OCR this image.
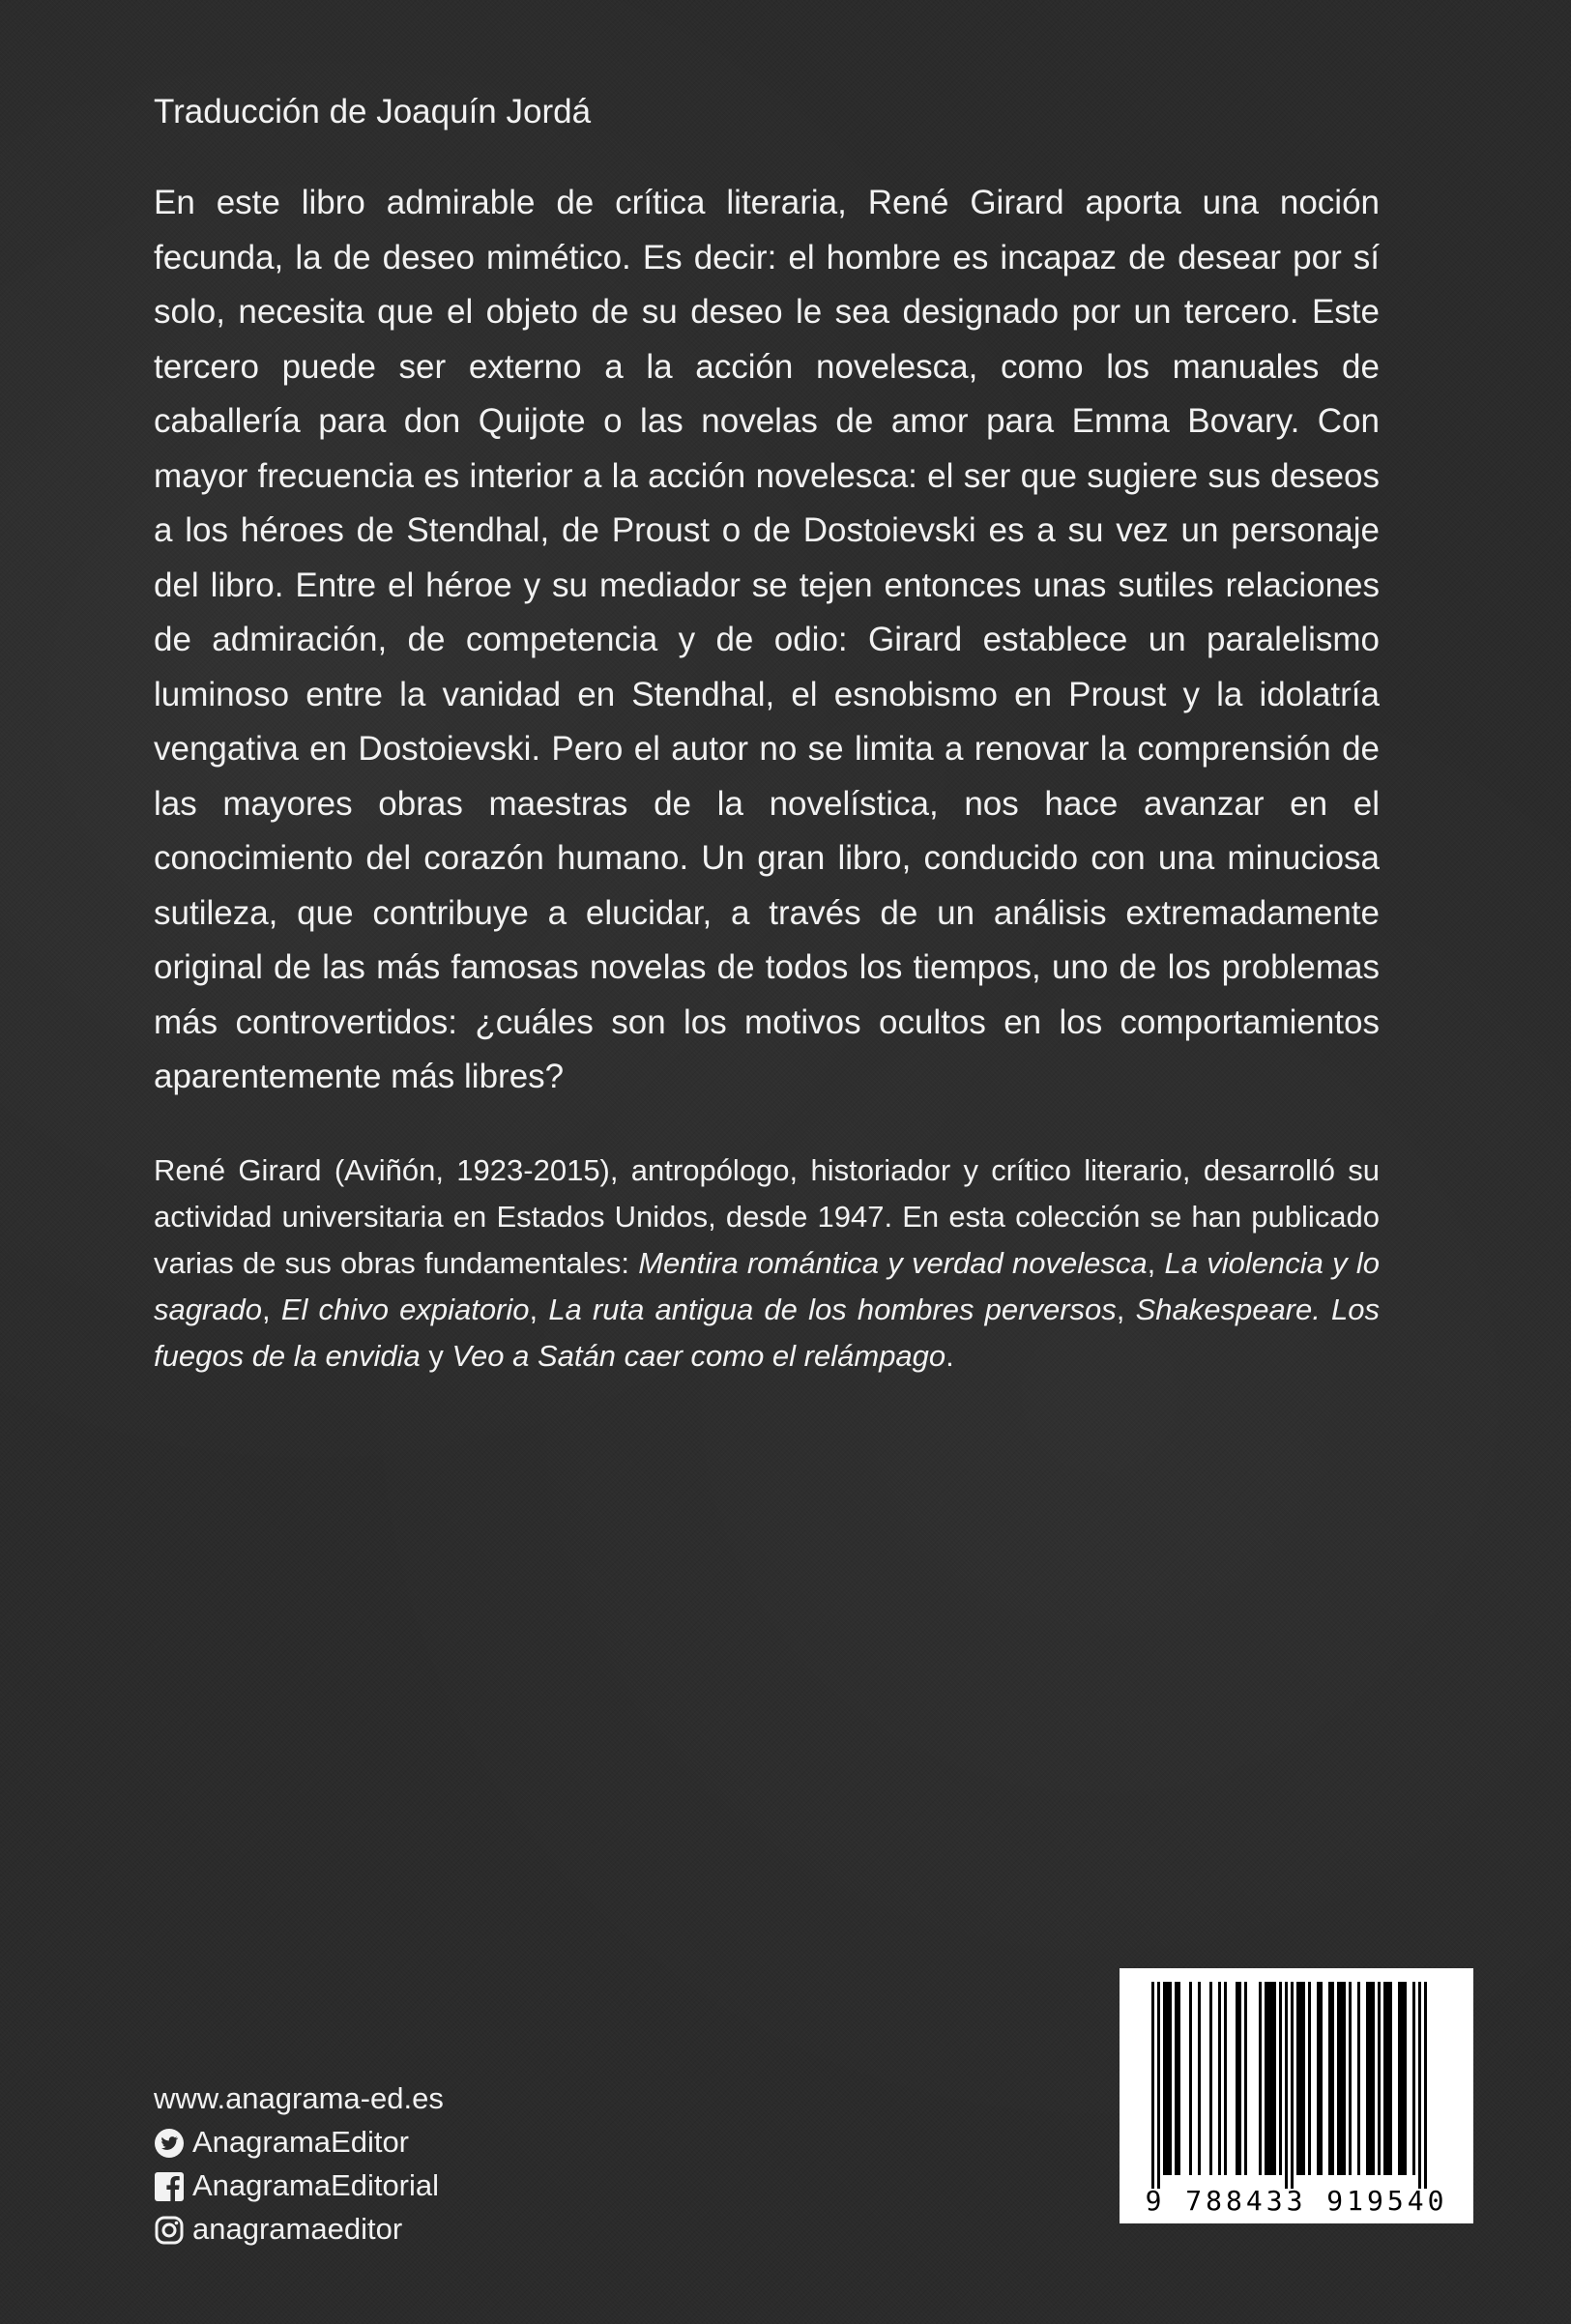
Traducción de Joaquín Jordá

En este libro admirable de crítica literaria, René Girard aporta una noción fecunda, la de deseo mimético. Es decir: el hombre es incapaz de desear por sí solo, necesita que el objeto de su deseo le sea designado por un tercero. Este tercero puede ser externo a la acción novelesca, como los manuales de caballería para don Quijote o las novelas de amor para Emma Bovary. Con mayor frecuencia es interior a la acción novelesca: el ser que sugiere sus deseos a los héroes de Stendhal, de Proust o de Dostoievski es a su vez un personaje del libro. Entre el héroe y su mediador se tejen entonces unas sutiles relaciones de admiración, de competencia y de odio: Girard establece un paralelismo luminoso entre la vanidad en Stendhal, el esnobismo en Proust y la idolatría vengativa en Dostoievski. Pero el autor no se limita a renovar la comprensión de las mayores obras maestras de la novelística, nos hace avanzar en el conocimiento del corazón humano. Un gran libro, conducido con una minuciosa sutileza, que contribuye a elucidar, a través de un análisis extremadamente original de las más famosas novelas de todos los tiempos, uno de los problemas más controvertidos: ¿cuáles son los motivos ocultos en los comportamientos aparentemente más libres?

René Girard (Aviñón, 1923-2015), antropólogo, historiador y crítico literario, desarrolló su actividad universitaria en Estados Unidos, desde 1947. En esta colección se han publicado varias de sus obras fundamentales: Mentira romántica y verdad novelesca, La violencia y lo sagrado, El chivo expiatorio, La ruta antigua de los hombres perversos, Shakespeare. Los fuegos de la envidia y Veo a Satán caer como el relámpago.

www.anagrama-ed.es
AnagramaEditor
AnagramaEditorial
anagramaeditor
9 788433 919540
